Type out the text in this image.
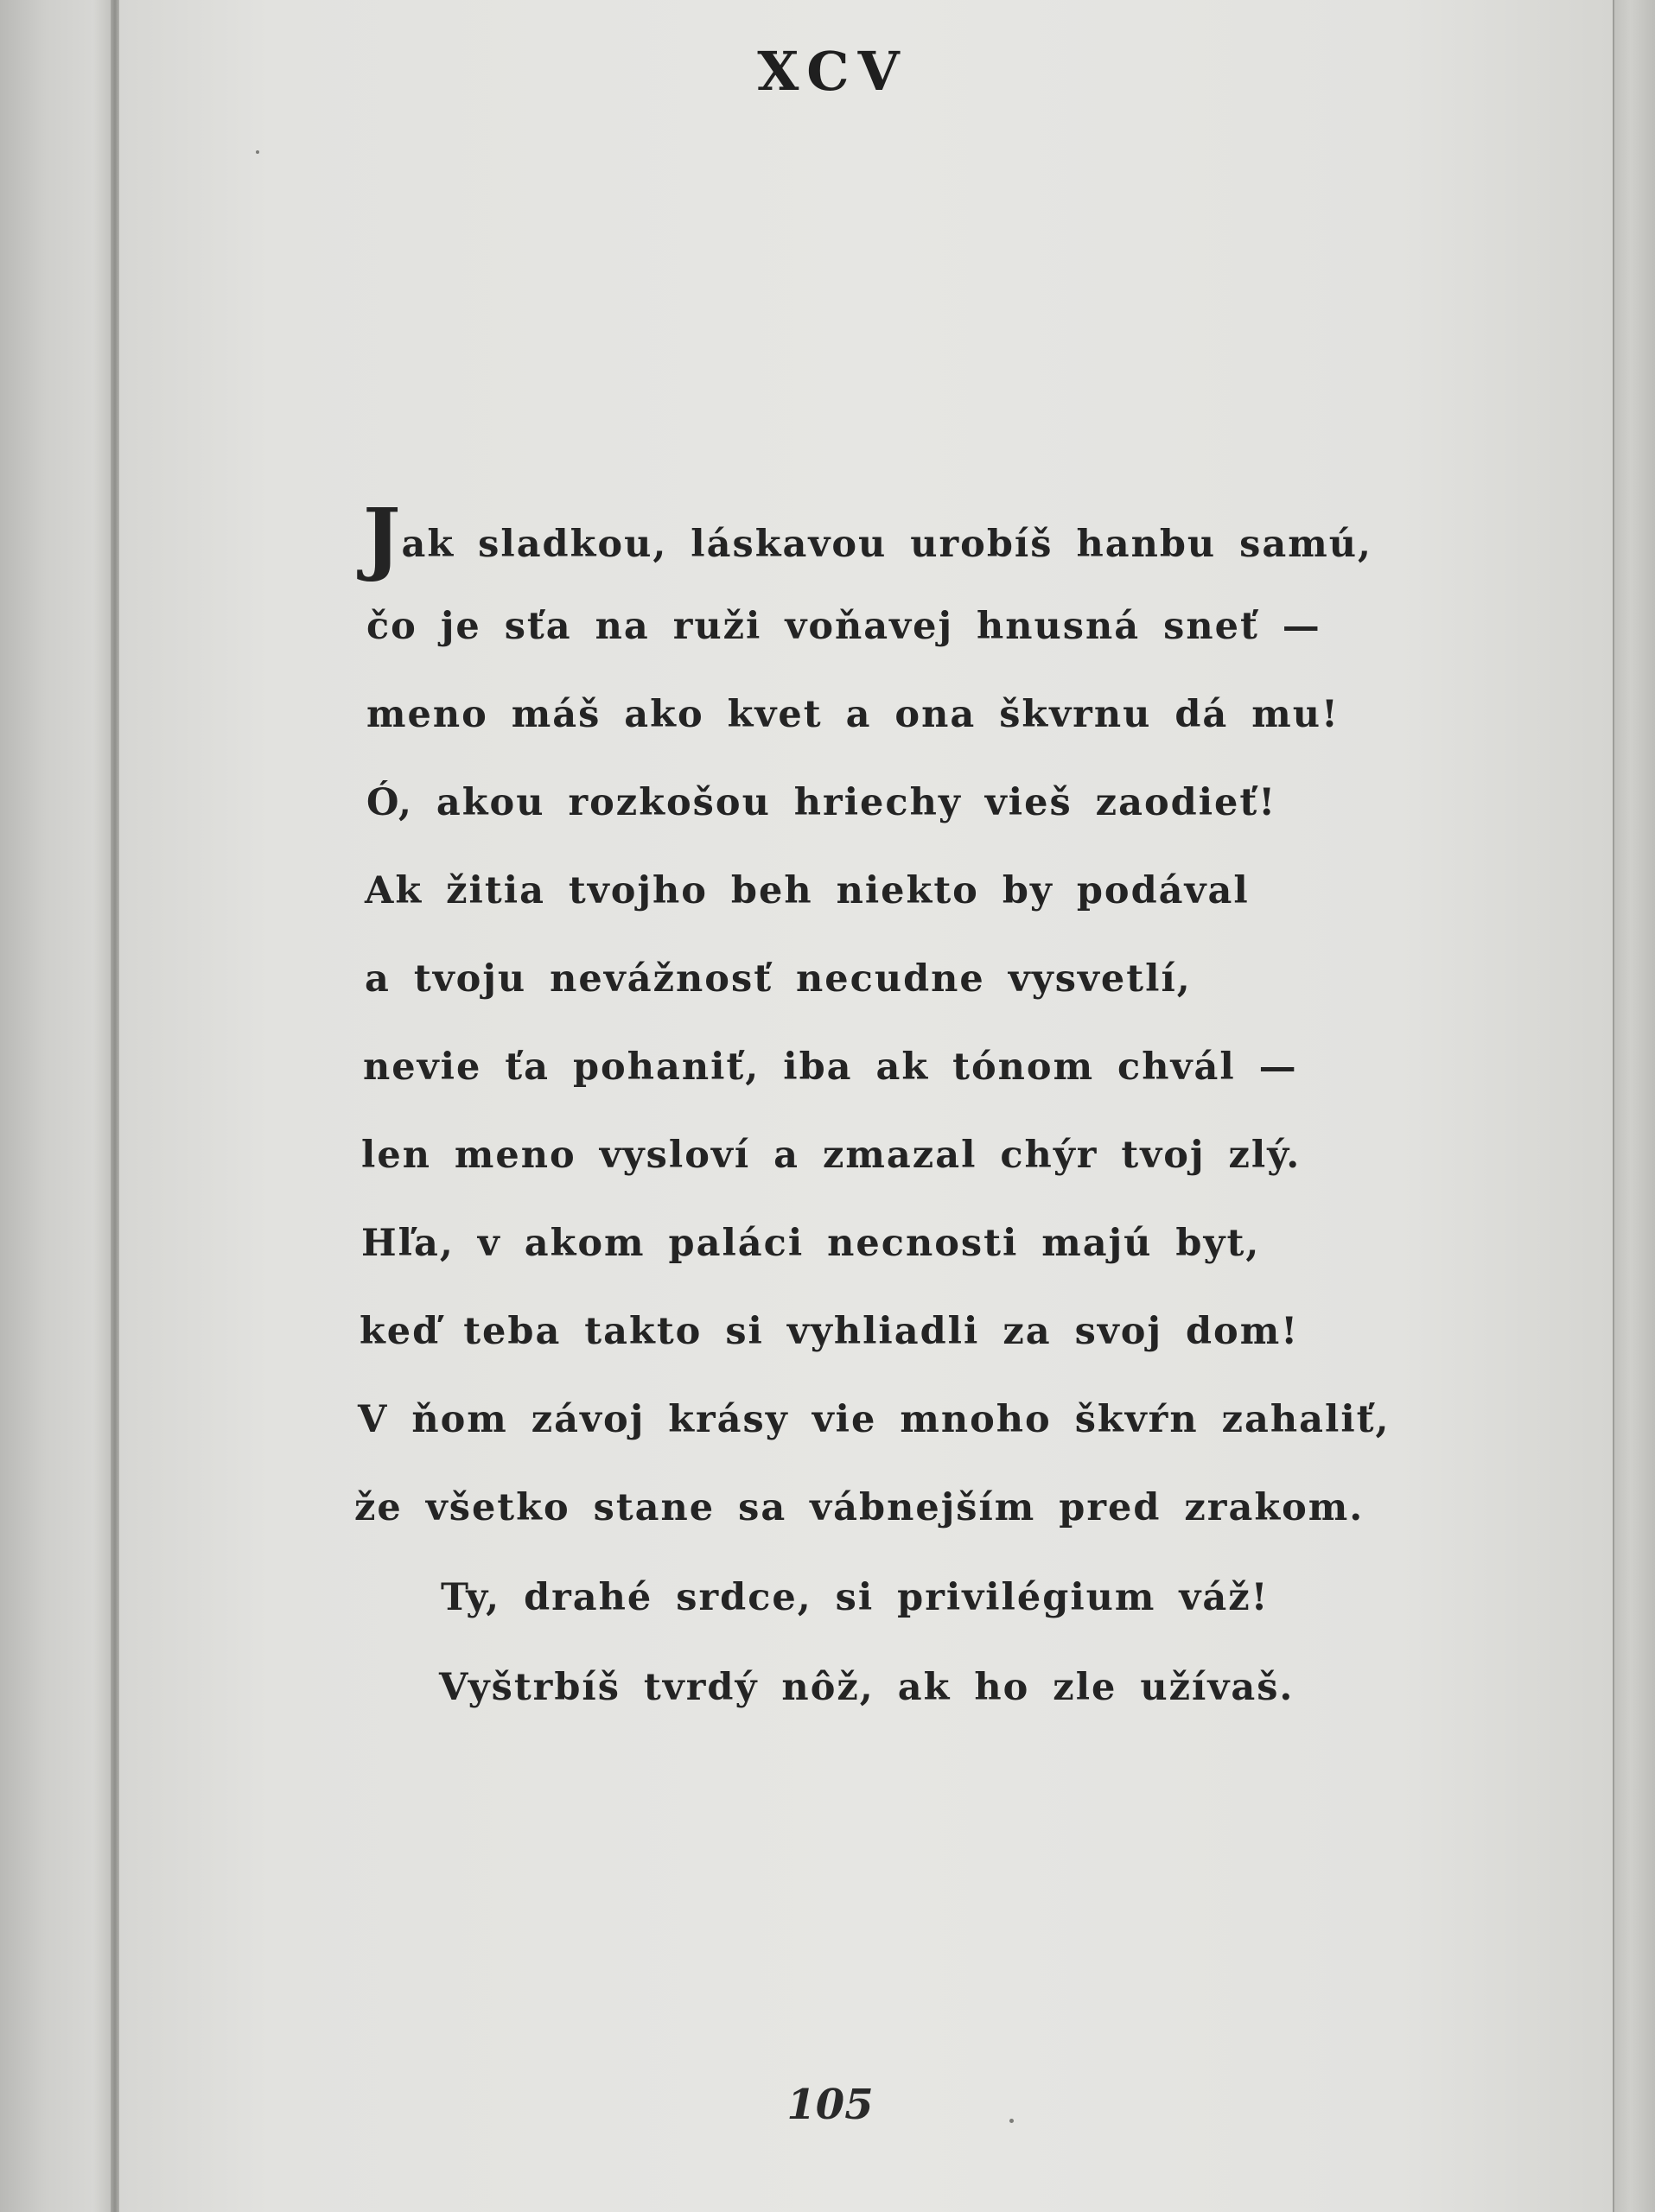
XCV
Jak sladkou, láskavou urobíš hanbu samú,
čo je sťa na ruži voňavej hnusná sneť —
meno máš ako kvet a ona škvrnu dá mu!
Ó, akou rozkošou hriechy vieš zaodieť!
Ak žitia tvojho beh niekto by podával
a tvoju nevážnosť necudne vysvetlí,
nevie ťa pohaniť, iba ak tónom chvál —
len meno vysloví a zmazal chýr tvoj zlý.
Hľa, v akom paláci necnosti majú byt,
keď teba takto si vyhliadli za svoj dom!
V ňom závoj krásy vie mnoho škvŕn zahaliť,
že všetko stane sa vábnejším pred zrakom.
Ty, drahé srdce, si privilégium váž!
Vyštrbíš tvrdý nôž, ak ho zle užívaš.
105
